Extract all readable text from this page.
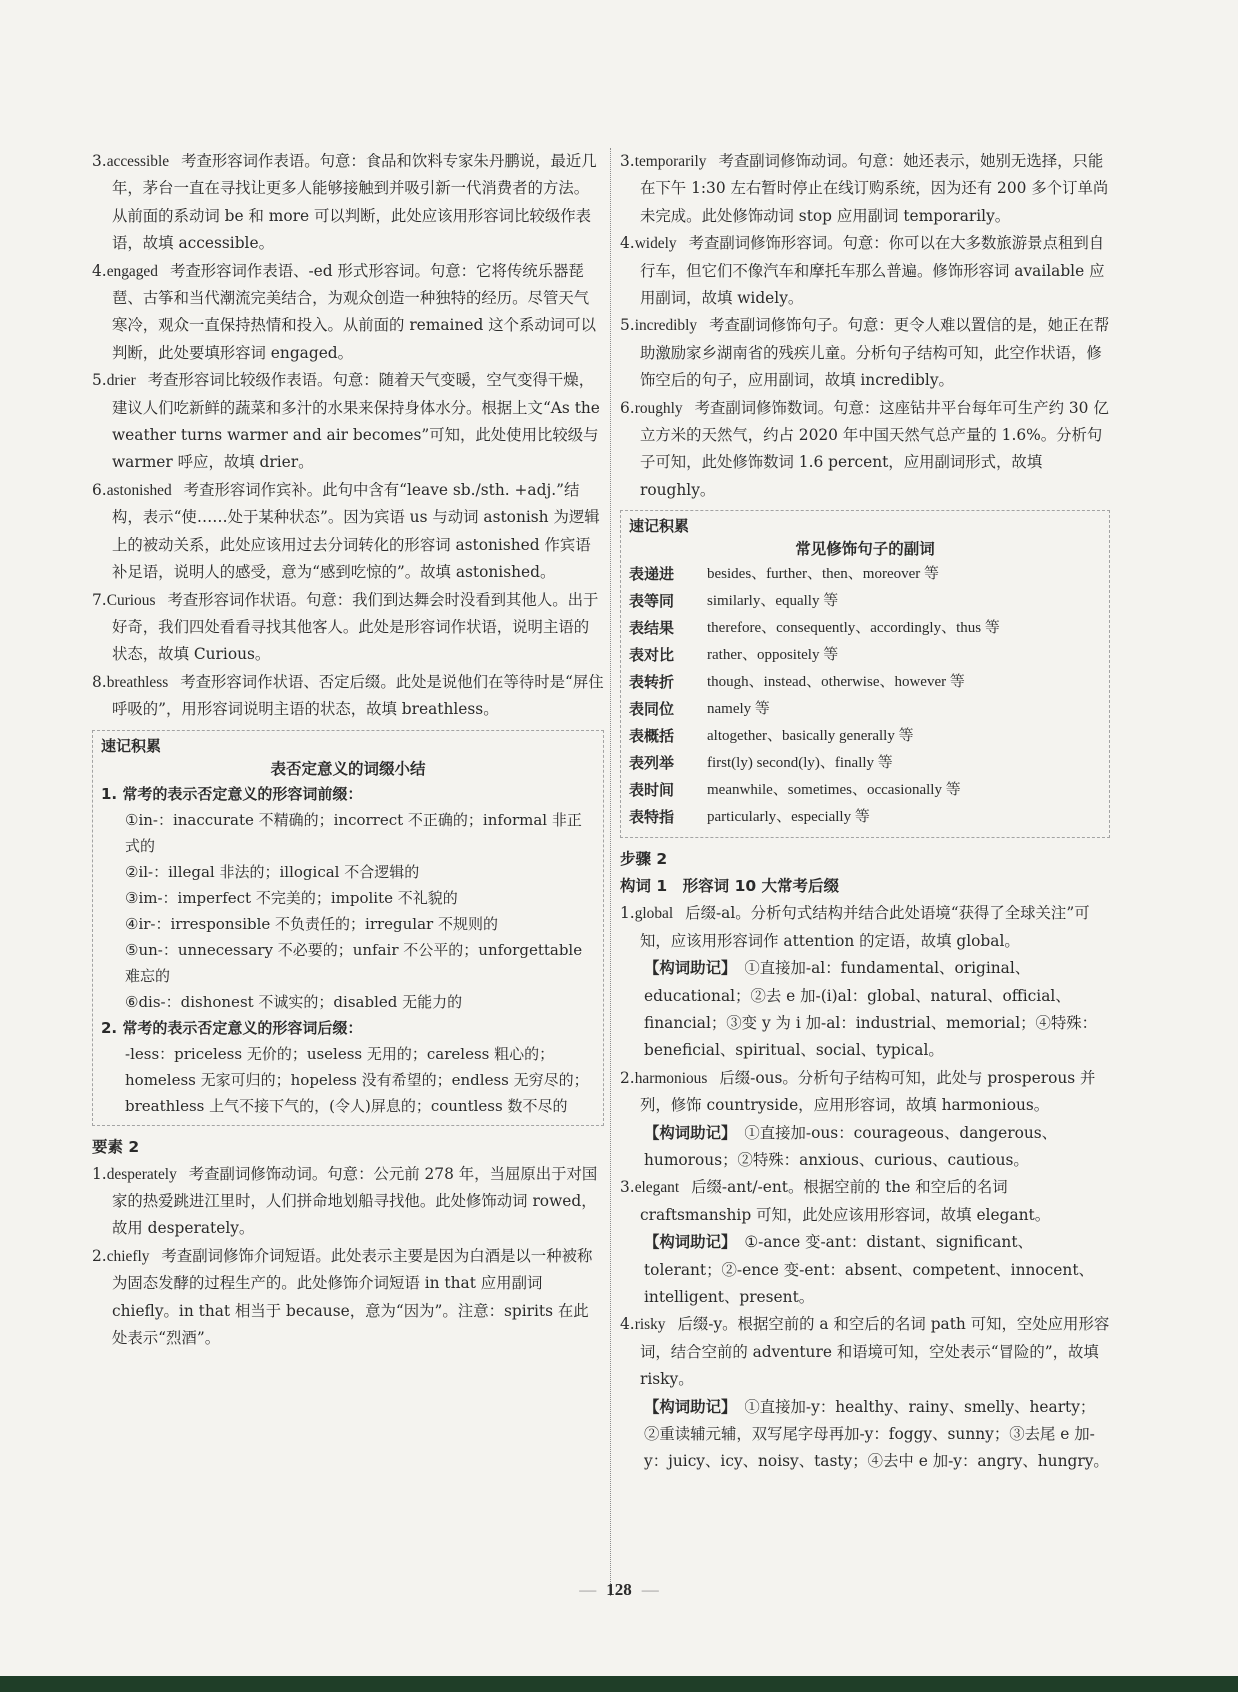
3.accessible 考查形容词作表语。句意：食品和饮料专家朱丹鹏说，最近几年，茅台一直在寻找让更多人能够接触到并吸引新一代消费者的方法。从前面的系动词 be 和 more 可以判断，此处应该用形容词比较级作表语，故填 accessible。
4.engaged 考查形容词作表语、-ed 形式形容词。句意：它将传统乐器琵琶、古筝和当代潮流完美结合，为观众创造一种独特的经历。尽管天气寒冷，观众一直保持热情和投入。从前面的 remained 这个系动词可以判断，此处要填形容词 engaged。
5.drier 考查形容词比较级作表语。句意：随着天气变暖，空气变得干燥，建议人们吃新鲜的蔬菜和多汁的水果来保持身体水分。根据上文“As the weather turns warmer and air becomes”可知，此处使用比较级与 warmer 呼应，故填 drier。
6.astonished 考查形容词作宾补。此句中含有“leave sb./sth. +adj.”结构，表示“使……处于某种状态”。因为宾语 us 与动词 astonish 为逻辑上的被动关系，此处应该用过去分词转化的形容词 astonished 作宾语补足语，说明人的感受，意为“感到吃惊的”。故填 astonished。
7.Curious 考查形容词作状语。句意：我们到达舞会时没看到其他人。出于好奇，我们四处看看寻找其他客人。此处是形容词作状语，说明主语的状态，故填 Curious。
8.breathless 考查形容词作状语、否定后缀。此处是说他们在等待时是“屏住呼吸的”，用形容词说明主语的状态，故填 breathless。
速记积累
表否定意义的词缀小结
1. 常考的表示否定意义的形容词前缀：
①in-：inaccurate 不精确的；incorrect 不正确的；informal 非正式的
②il-：illegal 非法的；illogical 不合逻辑的
③im-：imperfect 不完美的；impolite 不礼貌的
④ir-：irresponsible 不负责任的；irregular 不规则的
⑤un-：unnecessary 不必要的；unfair 不公平的；unforgettable 难忘的
⑥dis-：dishonest 不诚实的；disabled 无能力的
2. 常考的表示否定意义的形容词后缀：
-less：priceless 无价的；useless 无用的；careless 粗心的；homeless 无家可归的；hopeless 没有希望的；endless 无穷尽的；breathless 上气不接下气的，(令人)屏息的；countless 数不尽的
要素 2
1.desperately 考查副词修饰动词。句意：公元前 278 年，当屈原出于对国家的热爱跳进江里时，人们拼命地划船寻找他。此处修饰动词 rowed，故用 desperately。
2.chiefly 考查副词修饰介词短语。此处表示主要是因为白酒是以一种被称为固态发酵的过程生产的。此处修饰介词短语 in that 应用副词 chiefly。in that 相当于 because，意为“因为”。注意：spirits 在此处表示“烈酒”。
3.temporarily 考查副词修饰动词。句意：她还表示，她别无选择，只能在下午 1:30 左右暂时停止在线订购系统，因为还有 200 多个订单尚未完成。此处修饰动词 stop 应用副词 temporarily。
4.widely 考查副词修饰形容词。句意：你可以在大多数旅游景点租到自行车，但它们不像汽车和摩托车那么普遍。修饰形容词 available 应用副词，故填 widely。
5.incredibly 考查副词修饰句子。句意：更令人难以置信的是，她正在帮助激励家乡湖南省的残疾儿童。分析句子结构可知，此空作状语，修饰空后的句子，应用副词，故填 incredibly。
6.roughly 考查副词修饰数词。句意：这座钻井平台每年可生产约 30 亿立方米的天然气，约占 2020 年中国天然气总产量的 1.6%。分析句子可知，此处修饰数词 1.6 percent，应用副词形式，故填 roughly。
速记积累
常见修饰句子的副词
表递进	besides、further、then、moreover 等
表等同	similarly、equally 等
表结果	therefore、consequently、accordingly、thus 等
表对比	rather、oppositely 等
表转折	though、instead、otherwise、however 等
表同位	namely 等
表概括	altogether、basically generally 等
表列举	first(ly) second(ly)、finally 等
表时间	meanwhile、sometimes、occasionally 等
表特指	particularly、especially 等
步骤 2
构词 1　形容词 10 大常考后缀
1.global 后缀-al。分析句式结构并结合此处语境“获得了全球关注”可知，应该用形容词作 attention 的定语，故填 global。
【构词助记】 ①直接加-al：fundamental、original、educational；②去 e 加-(i)al：global、natural、official、financial；③变 y 为 i 加-al：industrial、memorial；④特殊：beneficial、spiritual、social、typical。
2.harmonious 后缀-ous。分析句子结构可知，此处与 prosperous 并列，修饰 countryside，应用形容词，故填 harmonious。
【构词助记】 ①直接加-ous：courageous、dangerous、humorous；②特殊：anxious、curious、cautious。
3.elegant 后缀-ant/-ent。根据空前的 the 和空后的名词 craftsmanship 可知，此处应该用形容词，故填 elegant。
【构词助记】 ①-ance 变-ant：distant、significant、tolerant；②-ence 变-ent：absent、competent、innocent、intelligent、present。
4.risky 后缀-y。根据空前的 a 和空后的名词 path 可知，空处应用形容词，结合空前的 adventure 和语境可知，空处表示“冒险的”，故填 risky。
【构词助记】 ①直接加-y：healthy、rainy、smelly、hearty；②重读辅元辅，双写尾字母再加-y：foggy、sunny；③去尾 e 加-y：juicy、icy、noisy、tasty；④去中 e 加-y：angry、hungry。
— 128 —
